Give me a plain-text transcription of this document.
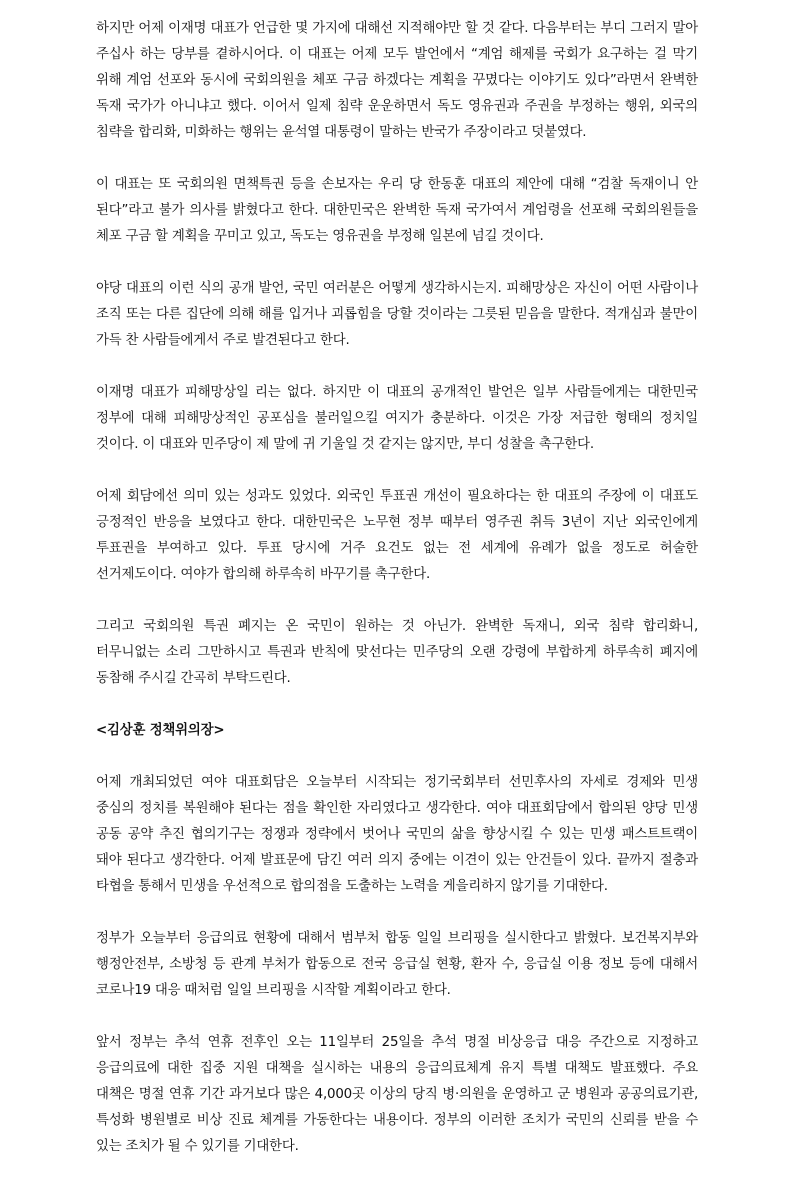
하지만 어제 이재명 대표가 언급한 몇 가지에 대해선 지적해야만 할 것 같다. 다음부터는 부디 그러지 말아 주십사 하는 당부를 곁하시어다. 이 대표는 어제 모두 발언에서 “계엄 해제를 국회가 요구하는 걸 막기 위해 계엄 선포와 동시에 국회의원을 체포 구금 하겠다는 계획을 꾸몄다는 이야기도 있다”라면서 완벽한 독재 국가가 아니냐고 했다. 이어서 일제 침략 운운하면서 독도 영유권과 주권을 부정하는 행위, 외국의 침략을 합리화, 미화하는 행위는 윤석열 대통령이 말하는 반국가 주장이라고 덧붙였다.

이 대표는 또 국회의원 면책특권 등을 손보자는 우리 당 한동훈 대표의 제안에 대해 “검찰 독재이니 안 된다”라고 불가 의사를 밝혔다고 한다. 대한민국은 완벽한 독재 국가여서 계엄령을 선포해 국회의원들을 체포 구금 할 계획을 꾸미고 있고, 독도는 영유권을 부정해 일본에 넘길 것이다.

야당 대표의 이런 식의 공개 발언, 국민 여러분은 어떻게 생각하시는지. 피해망상은 자신이 어떤 사람이나 조직 또는 다른 집단에 의해 해를 입거나 괴롭힘을 당할 것이라는 그릇된 믿음을 말한다. 적개심과 불만이 가득 찬 사람들에게서 주로 발견된다고 한다.

이재명 대표가 피해망상일 리는 없다. 하지만 이 대표의 공개적인 발언은 일부 사람들에게는 대한민국 정부에 대해 피해망상적인 공포심을 불러일으킬 여지가 충분하다. 이것은 가장 저급한 형태의 정치일 것이다. 이 대표와 민주당이 제 말에 귀 기울일 것 같지는 않지만, 부디 성찰을 촉구한다.

어제 회담에선 의미 있는 성과도 있었다. 외국인 투표권 개선이 필요하다는 한 대표의 주장에 이 대표도 긍정적인 반응을 보였다고 한다. 대한민국은 노무현 정부 때부터 영주권 취득 3년이 지난 외국인에게 투표권을 부여하고 있다. 투표 당시에 거주 요건도 없는 전 세계에 유례가 없을 정도로 허술한 선거제도이다. 여야가 합의해 하루속히 바꾸기를 촉구한다.

그리고 국회의원 특권 폐지는 온 국민이 원하는 것 아닌가. 완벽한 독재니, 외국 침략 합리화니, 터무니없는 소리 그만하시고 특권과 반칙에 맞선다는 민주당의 오랜 강령에 부합하게 하루속히 폐지에 동참해 주시길 간곡히 부탁드린다.

<김상훈 정책위의장>

어제 개최되었던 여야 대표회담은 오늘부터 시작되는 정기국회부터 선민후사의 자세로 경제와 민생 중심의 정치를 복원해야 된다는 점을 확인한 자리였다고 생각한다. 여야 대표회담에서 합의된 양당 민생 공동 공약 추진 협의기구는 정쟁과 정략에서 벗어나 국민의 삶을 향상시킬 수 있는 민생 패스트트랙이 돼야 된다고 생각한다. 어제 발표문에 담긴 여러 의지 중에는 이견이 있는 안건들이 있다. 끝까지 절충과 타협을 통해서 민생을 우선적으로 합의점을 도출하는 노력을 게을리하지 않기를 기대한다.

정부가 오늘부터 응급의료 현황에 대해서 범부처 합동 일일 브리핑을 실시한다고 밝혔다. 보건복지부와 행정안전부, 소방청 등 관계 부처가 합동으로 전국 응급실 현황, 환자 수, 응급실 이용 정보 등에 대해서 코로나19 대응 때처럼 일일 브리핑을 시작할 계획이라고 한다.

앞서 정부는 추석 연휴 전후인 오는 11일부터 25일을 추석 명절 비상응급 대응 주간으로 지정하고 응급의료에 대한 집중 지원 대책을 실시하는 내용의 응급의료체계 유지 특별 대책도 발표했다. 주요 대책은 명절 연휴 기간 과거보다 많은 4,000곳 이상의 당직 병·의원을 운영하고 군 병원과 공공의료기관, 특성화 병원별로 비상 진료 체계를 가동한다는 내용이다. 정부의 이러한 조치가 국민의 신뢰를 받을 수 있는 조치가 될 수 있기를 기대한다.
